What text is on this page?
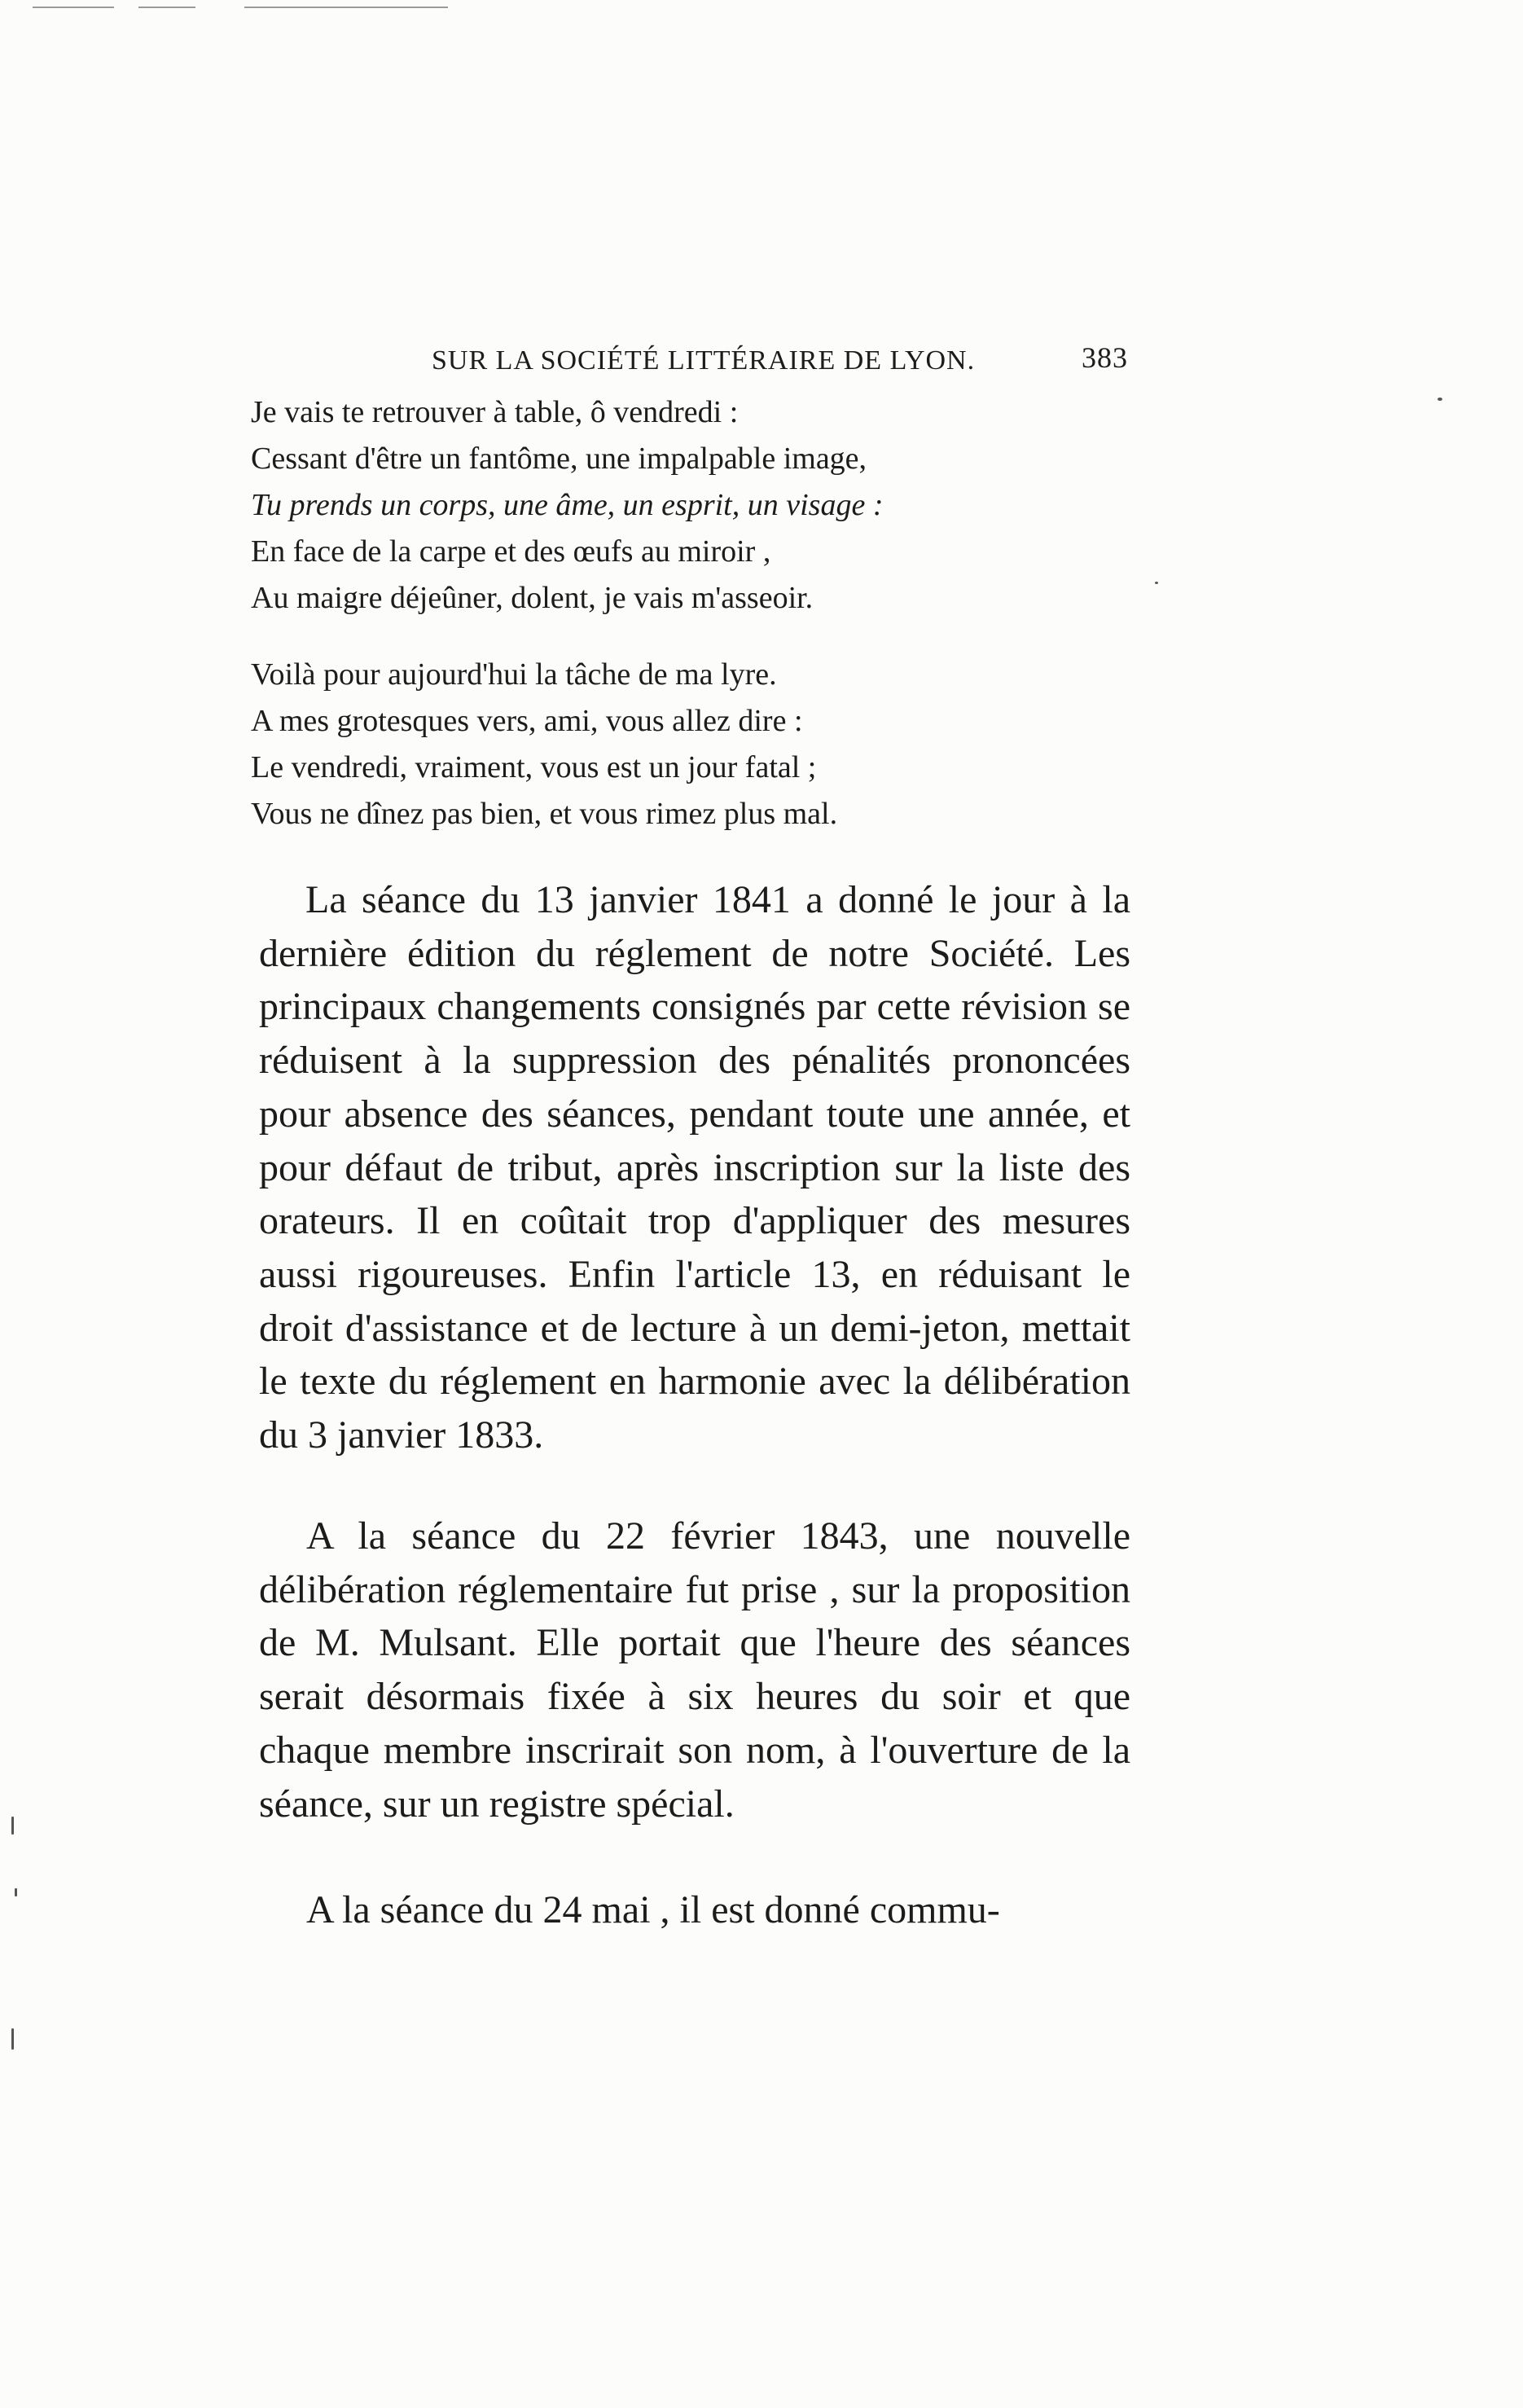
SUR LA SOCIÉTÉ LITTÉRAIRE DE LYON.	383
Je vais te retrouver à table, ô vendredi :
Cessant d'être un fantôme, une impalpable image,
Tu prends un corps, une âme, un esprit, un visage :
En face de la carpe et des œufs au miroir ,
Au maigre déjeûner, dolent, je vais m'asseoir.
Voilà pour aujourd'hui la tâche de ma lyre.
A mes grotesques vers, ami, vous allez dire :
Le vendredi, vraiment, vous est un jour fatal ;
Vous ne dînez pas bien, et vous rimez plus mal.

La séance du 13 janvier 1841 a donné le jour à la dernière édition du réglement de notre Société. Les principaux changements consignés par cette révision se réduisent à la suppression des pénalités prononcées pour absence des séances, pendant toute une année, et pour défaut de tribut, après inscription sur la liste des orateurs. Il en coûtait trop d'appliquer des mesures aussi rigoureuses. Enfin l'article 13, en réduisant le droit d'assistance et de lecture à un demi-jeton, mettait le texte du réglement en harmonie avec la délibération du 3 janvier 1833.

A la séance du 22 février 1843, une nouvelle délibération réglementaire fut prise , sur la proposition de M. Mulsant. Elle portait que l'heure des séances serait désormais fixée à six heures du soir et que chaque membre inscrirait son nom, à l'ouverture de la séance, sur un registre spécial.

A la séance du 24 mai , il est donné commu-
